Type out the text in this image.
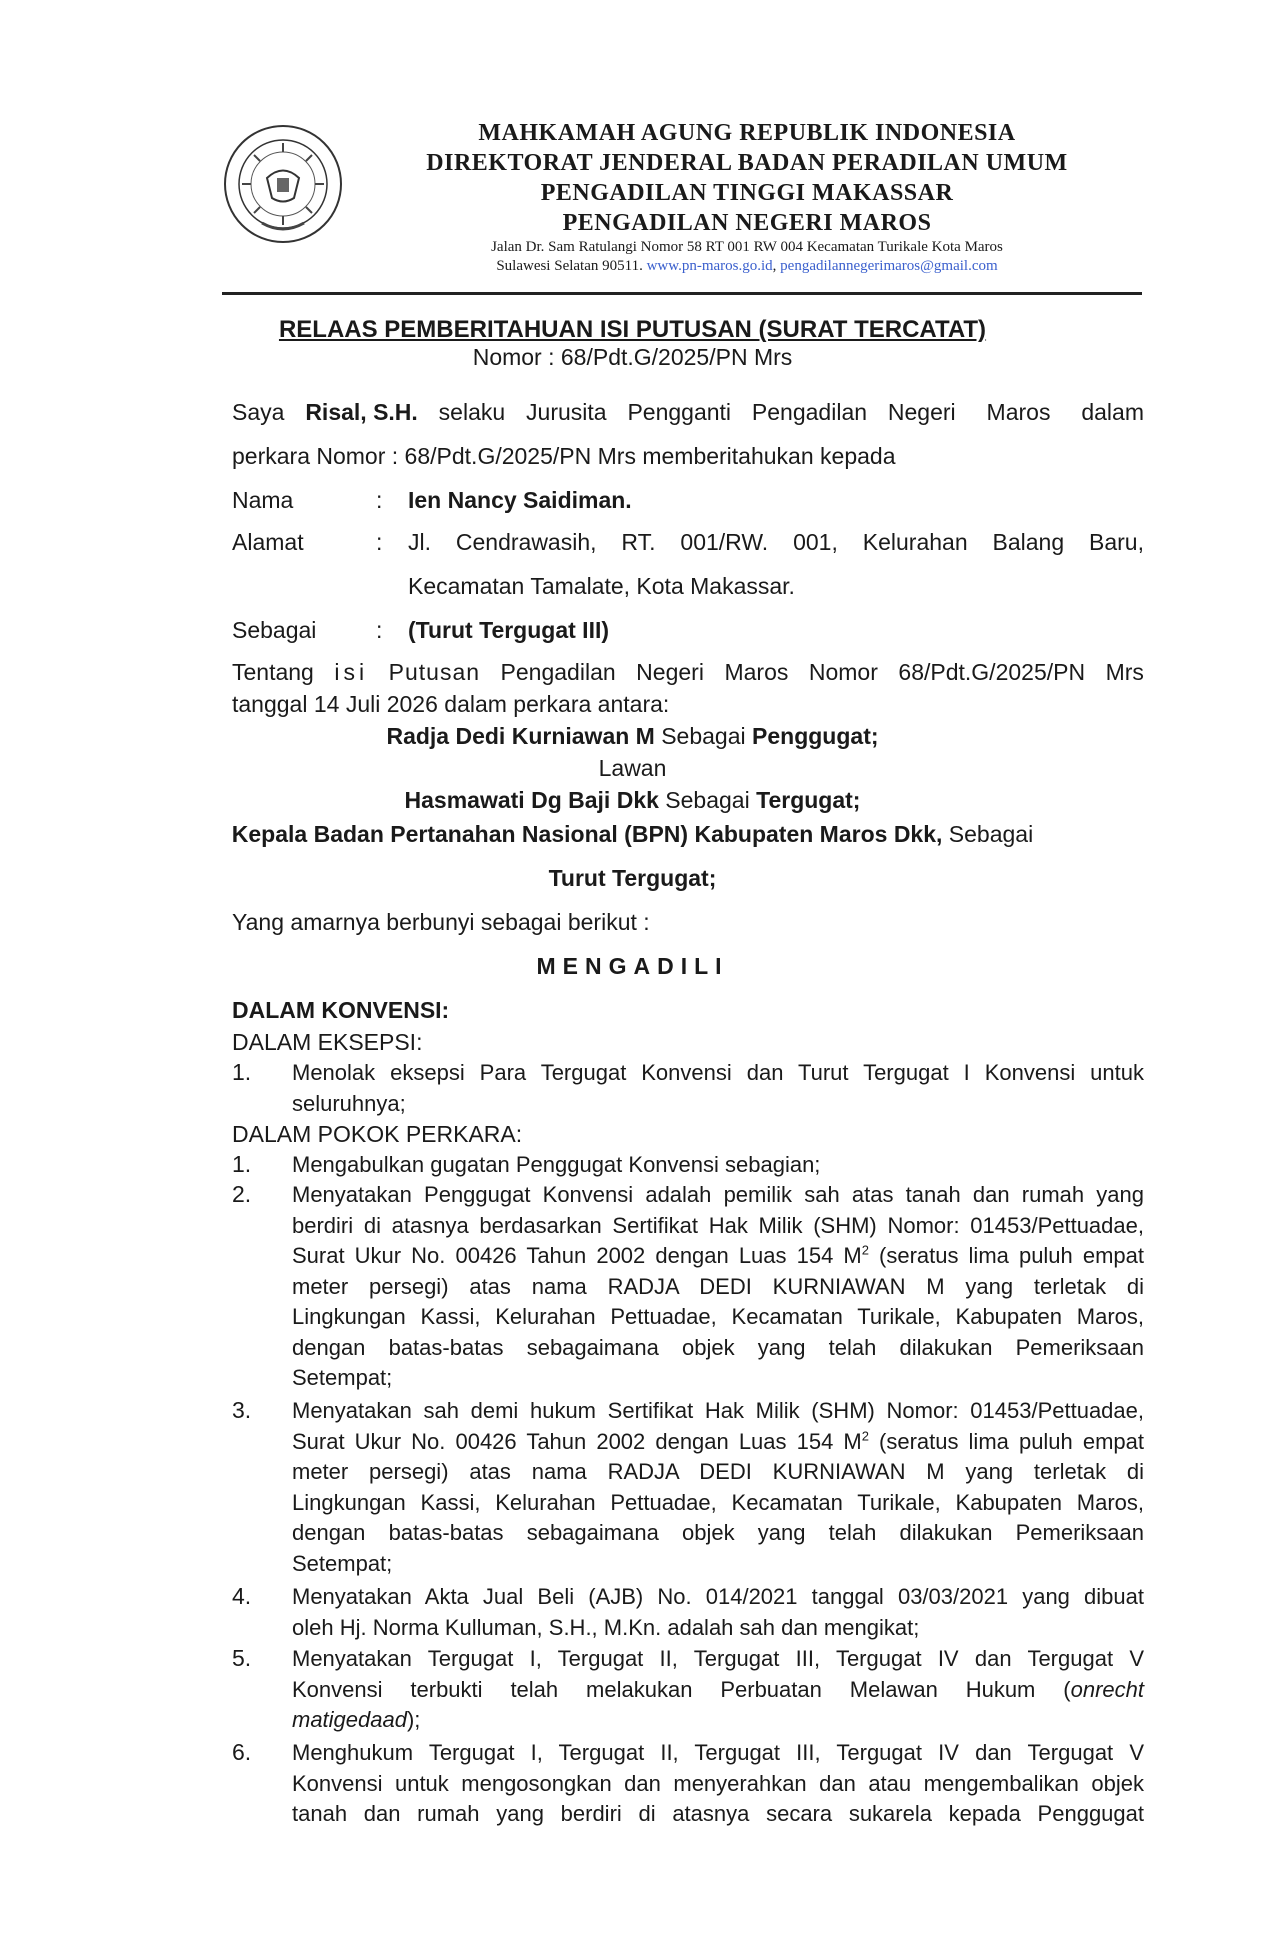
MAHKAMAH AGUNG REPUBLIK INDONESIA
DIREKTORAT JENDERAL BADAN PERADILAN UMUM
PENGADILAN TINGGI MAKASSAR
PENGADILAN NEGERI MAROS
Jalan Dr. Sam Ratulangi Nomor 58 RT 001 RW 004 Kecamatan Turikale Kota Maros
Sulawesi Selatan 90511. www.pn-maros.go.id, pengadilannegerimaros@gmail.com
RELAAS PEMBERITAHUAN ISI PUTUSAN (SURAT TERCATAT)
Nomor : 68/Pdt.G/2025/PN Mrs
Saya Risal, S.H. selaku Jurusita Pengganti Pengadilan Negeri Maros dalam
perkara Nomor : 68/Pdt.G/2025/PN Mrs memberitahukan kepada
Nama	: Ien Nancy Saidiman.
Alamat	: Jl. Cendrawasih, RT. 001/RW. 001, Kelurahan Balang Baru,
Kecamatan Tamalate, Kota Makassar.
Sebagai	: (Turut Tergugat III)
Tentang isi Putusan Pengadilan Negeri Maros Nomor 68/Pdt.G/2025/PN Mrs
tanggal 14 Juli 2026 dalam perkara antara:
Radja Dedi Kurniawan M Sebagai Penggugat;
Lawan
Hasmawati Dg Baji Dkk Sebagai Tergugat;
Kepala Badan Pertanahan Nasional (BPN) Kabupaten Maros Dkk, Sebagai
Turut Tergugat;
Yang amarnya berbunyi sebagai berikut :
MENGADILI
DALAM KONVENSI:
DALAM EKSEPSI:
1. Menolak eksepsi Para Tergugat Konvensi dan Turut Tergugat I Konvensi untuk
seluruhnya;
DALAM POKOK PERKARA:
1. Mengabulkan gugatan Penggugat Konvensi sebagian;
2. Menyatakan Penggugat Konvensi adalah pemilik sah atas tanah dan rumah yang
berdiri di atasnya berdasarkan Sertifikat Hak Milik (SHM) Nomor: 01453/Pettuadae,
Surat Ukur No. 00426 Tahun 2002 dengan Luas 154 $M^2$ (seratus lima puluh empat
meter persegi) atas nama RADJA DEDI KURNIAWAN M yang terletak di
Lingkungan Kassi, Kelurahan Pettuadae, Kecamatan Turikale, Kabupaten Maros,
dengan batas-batas sebagaimana objek yang telah dilakukan Pemeriksaan
Setempat;
3. Menyatakan sah demi hukum Sertifikat Hak Milik (SHM) Nomor: 01453/Pettuadae,
Surat Ukur No. 00426 Tahun 2002 dengan Luas 154 $M^2$ (seratus lima puluh empat
meter persegi) atas nama RADJA DEDI KURNIAWAN M yang terletak di
Lingkungan Kassi, Kelurahan Pettuadae, Kecamatan Turikale, Kabupaten Maros,
dengan batas-batas sebagaimana objek yang telah dilakukan Pemeriksaan
Setempat;
4. Menyatakan Akta Jual Beli (AJB) No. 014/2021 tanggal 03/03/2021 yang dibuat
oleh Hj. Norma Kulluman, S.H., M.Kn. adalah sah dan mengikat;
5. Menyatakan Tergugat I, Tergugat II, Tergugat III, Tergugat IV dan Tergugat V
Konvensi terbukti telah melakukan Perbuatan Melawan Hukum (onrecht
matigedaad);
6. Menghukum Tergugat I, Tergugat II, Tergugat III, Tergugat IV dan Tergugat V
Konvensi untuk mengosongkan dan menyerahkan dan atau mengembalikan objek
tanah dan rumah yang berdiri di atasnya secara sukarela kepada Penggugat
